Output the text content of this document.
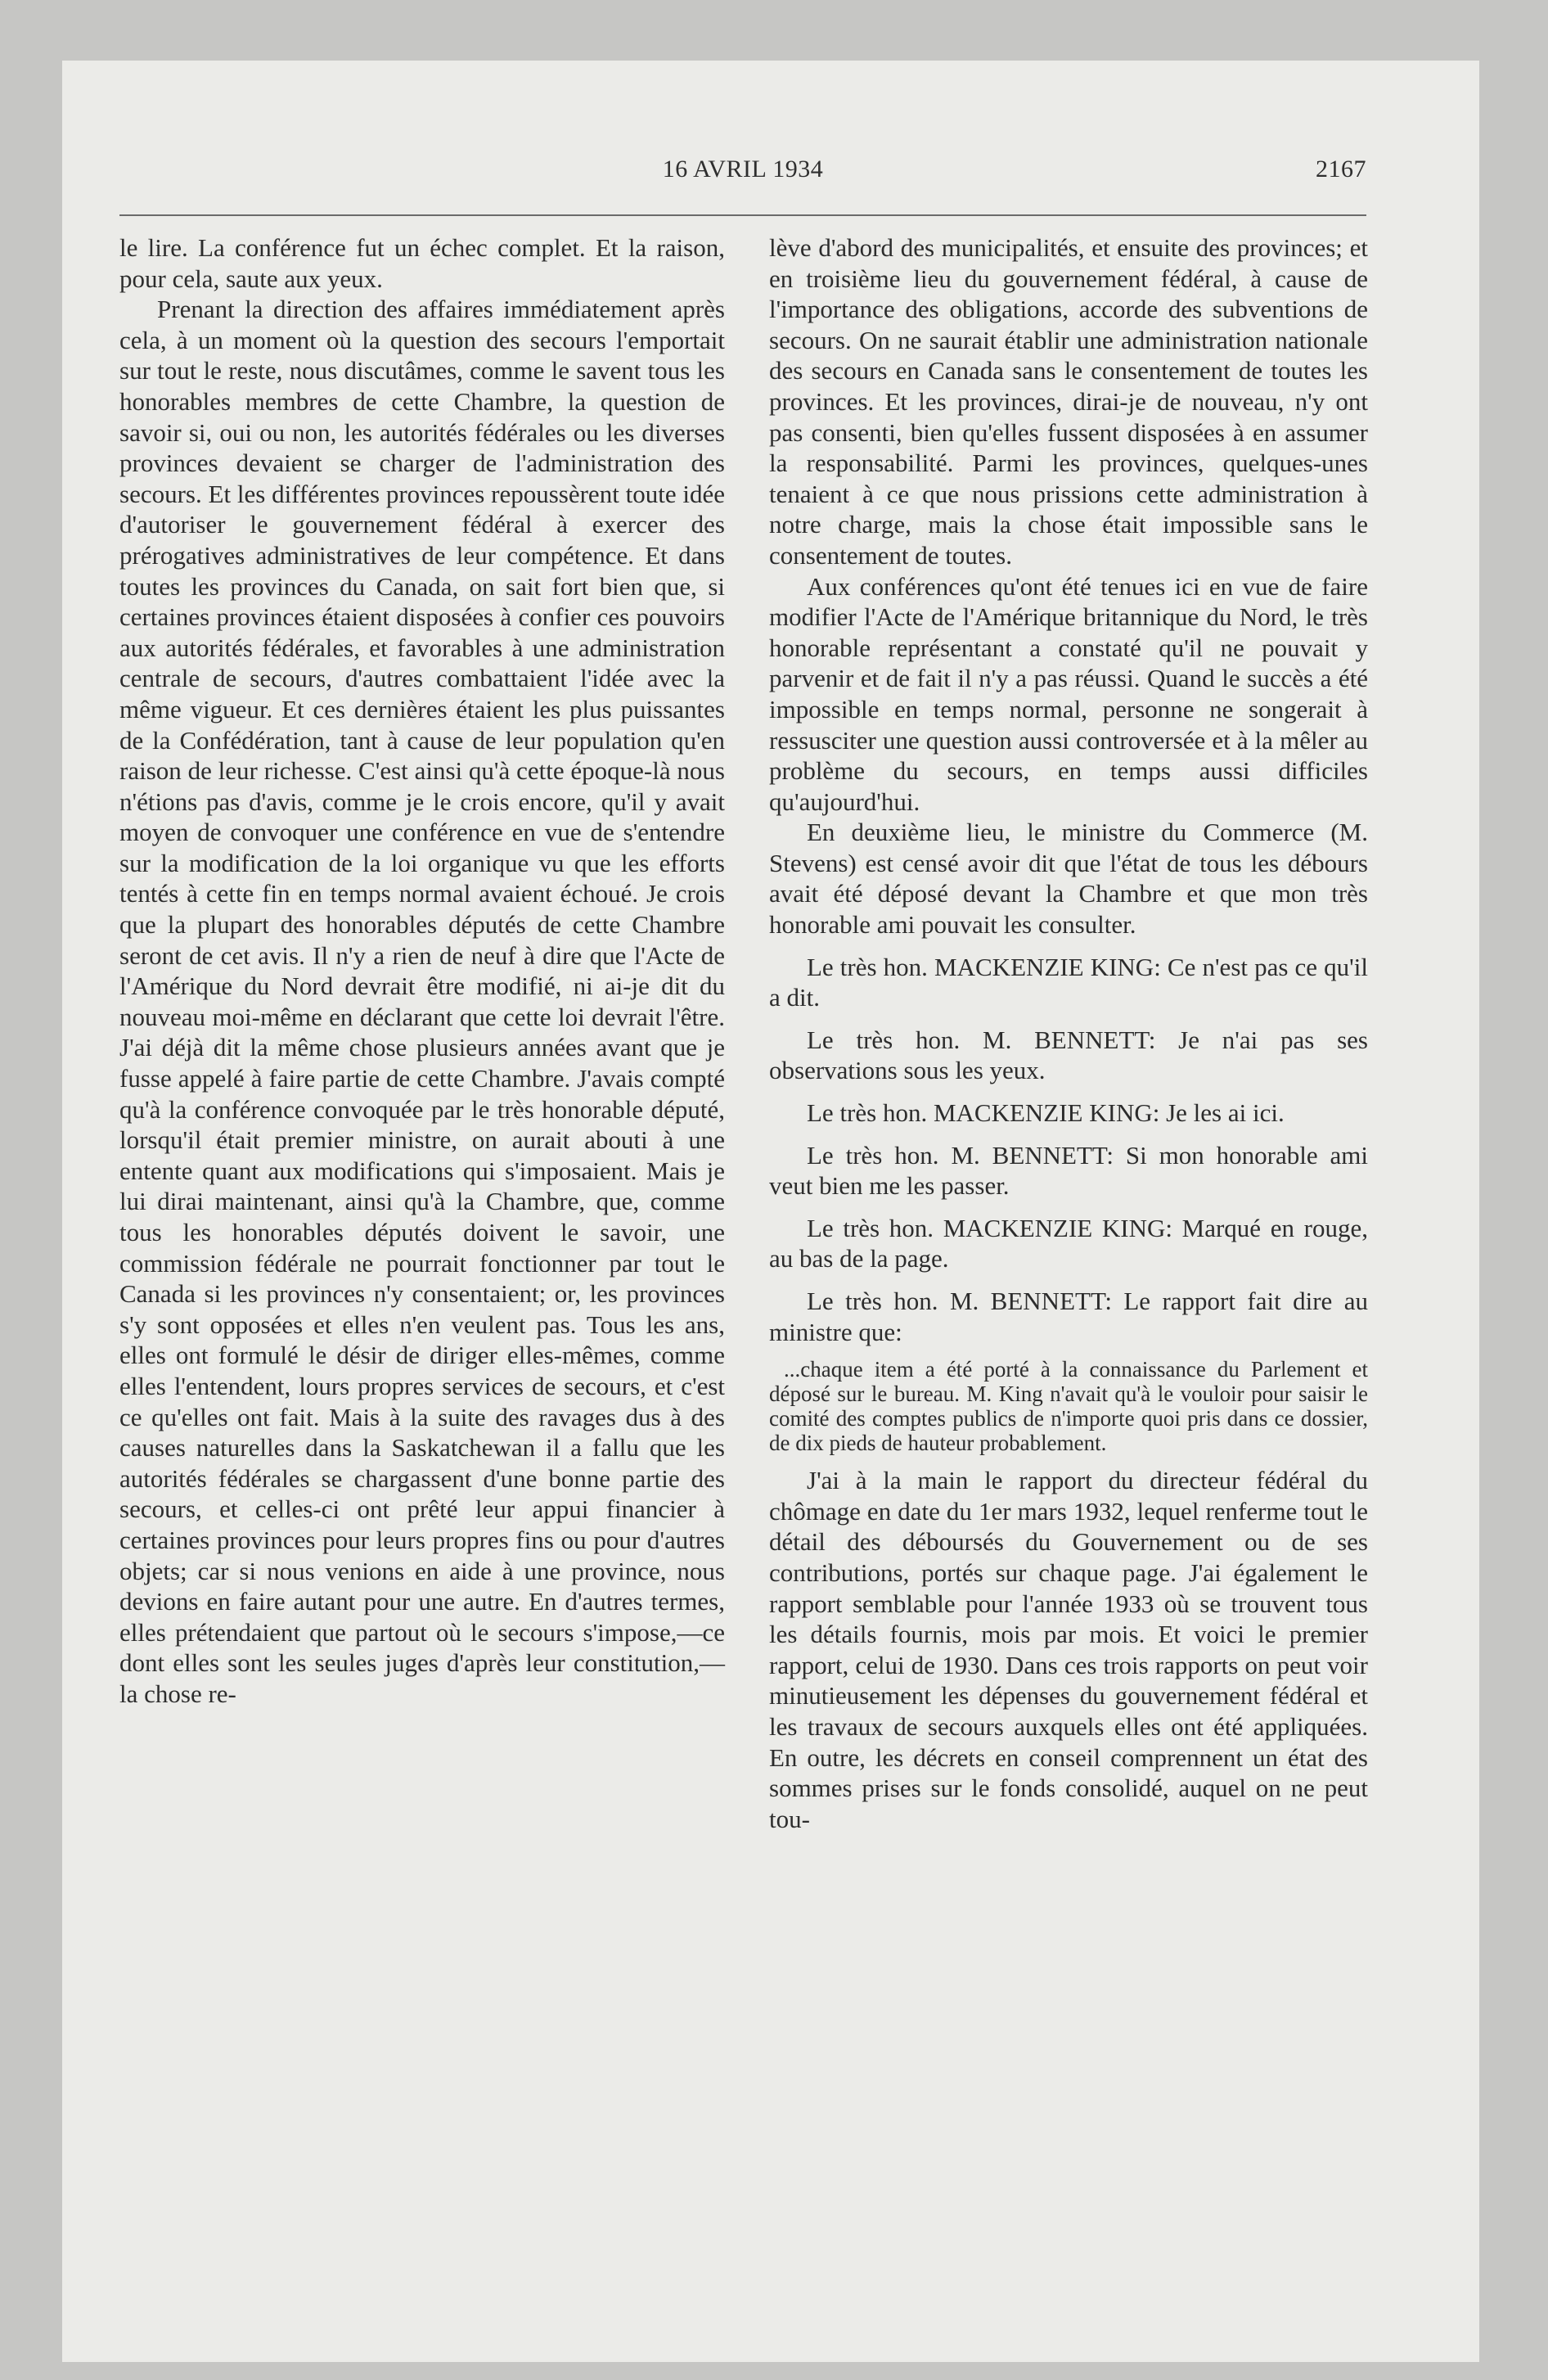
16 AVRIL 1934	2167

le lire. La conférence fut un échec complet. Et la raison, pour cela, saute aux yeux.

Prenant la direction des affaires immédiatement après cela, à un moment où la question des secours l'emportait sur tout le reste, nous discutâmes, comme le savent tous les honorables membres de cette Chambre, la question de savoir si, oui ou non, les autorités fédérales ou les diverses provinces devaient se charger de l'administration des secours. Et les différentes provinces repoussèrent toute idée d'autoriser le gouvernement fédéral à exercer des prérogatives administratives de leur compétence. Et dans toutes les provinces du Canada, on sait fort bien que, si certaines provinces étaient disposées à confier ces pouvoirs aux autorités fédérales, et favorables à une administration centrale de secours, d'autres combattaient l'idée avec la même vigueur. Et ces dernières étaient les plus puissantes de la Confédération, tant à cause de leur population qu'en raison de leur richesse. C'est ainsi qu'à cette époque-là nous n'étions pas d'avis, comme je le crois encore, qu'il y avait moyen de convoquer une conférence en vue de s'entendre sur la modification de la loi organique vu que les efforts tentés à cette fin en temps normal avaient échoué. Je crois que la plupart des honorables députés de cette Chambre seront de cet avis. Il n'y a rien de neuf à dire que l'Acte de l'Amérique du Nord devrait être modifié, ni ai-je dit du nouveau moi-même en déclarant que cette loi devrait l'être. J'ai déjà dit la même chose plusieurs années avant que je fusse appelé à faire partie de cette Chambre. J'avais compté qu'à la conférence convoquée par le très honorable député, lorsqu'il était premier ministre, on aurait abouti à une entente quant aux modifications qui s'imposaient. Mais je lui dirai maintenant, ainsi qu'à la Chambre, que, comme tous les honorables députés doivent le savoir, une commission fédérale ne pourrait fonctionner par tout le Canada si les provinces n'y consentaient; or, les provinces s'y sont opposées et elles n'en veulent pas. Tous les ans, elles ont formulé le désir de diriger elles-mêmes, comme elles l'entendent, lours propres services de secours, et c'est ce qu'elles ont fait. Mais à la suite des ravages dus à des causes naturelles dans la Saskatchewan il a fallu que les autorités fédérales se chargassent d'une bonne partie des secours, et celles-ci ont prêté leur appui financier à certaines provinces pour leurs propres fins ou pour d'autres objets; car si nous venions en aide à une province, nous devions en faire autant pour une autre. En d'autres termes, elles prétendaient que partout où le secours s'impose,—ce dont elles sont les seules juges d'après leur constitution,—la chose re-

lève d'abord des municipalités, et ensuite des provinces; et en troisième lieu du gouvernement fédéral, à cause de l'importance des obligations, accorde des subventions de secours. On ne saurait établir une administration nationale des secours en Canada sans le consentement de toutes les provinces. Et les provinces, dirai-je de nouveau, n'y ont pas consenti, bien qu'elles fussent disposées à en assumer la responsabilité. Parmi les provinces, quelques-unes tenaient à ce que nous prissions cette administration à notre charge, mais la chose était impossible sans le consentement de toutes.

Aux conférences qu'ont été tenues ici en vue de faire modifier l'Acte de l'Amérique britannique du Nord, le très honorable représentant a constaté qu'il ne pouvait y parvenir et de fait il n'y a pas réussi. Quand le succès a été impossible en temps normal, personne ne songerait à ressusciter une question aussi controversée et à la mêler au problème du secours, en temps aussi difficiles qu'aujourd'hui.

En deuxième lieu, le ministre du Commerce (M. Stevens) est censé avoir dit que l'état de tous les débours avait été déposé devant la Chambre et que mon très honorable ami pouvait les consulter.

Le très hon. MACKENZIE KING: Ce n'est pas ce qu'il a dit.

Le très hon. M. BENNETT: Je n'ai pas ses observations sous les yeux.

Le très hon. MACKENZIE KING: Je les ai ici.

Le très hon. M. BENNETT: Si mon honorable ami veut bien me les passer.

Le très hon. MACKENZIE KING: Marqué en rouge, au bas de la page.

Le très hon. M. BENNETT: Le rapport fait dire au ministre que:

...chaque item a été porté à la connaissance du Parlement et déposé sur le bureau. M. King n'avait qu'à le vouloir pour saisir le comité des comptes publics de n'importe quoi pris dans ce dossier, de dix pieds de hauteur probablement.

J'ai à la main le rapport du directeur fédéral du chômage en date du 1er mars 1932, lequel renferme tout le détail des déboursés du Gouvernement ou de ses contributions, portés sur chaque page. J'ai également le rapport semblable pour l'année 1933 où se trouvent tous les détails fournis, mois par mois. Et voici le premier rapport, celui de 1930. Dans ces trois rapports on peut voir minutieusement les dépenses du gouvernement fédéral et les travaux de secours auxquels elles ont été appliquées. En outre, les décrets en conseil comprennent un état des sommes prises sur le fonds consolidé, auquel on ne peut tou-
